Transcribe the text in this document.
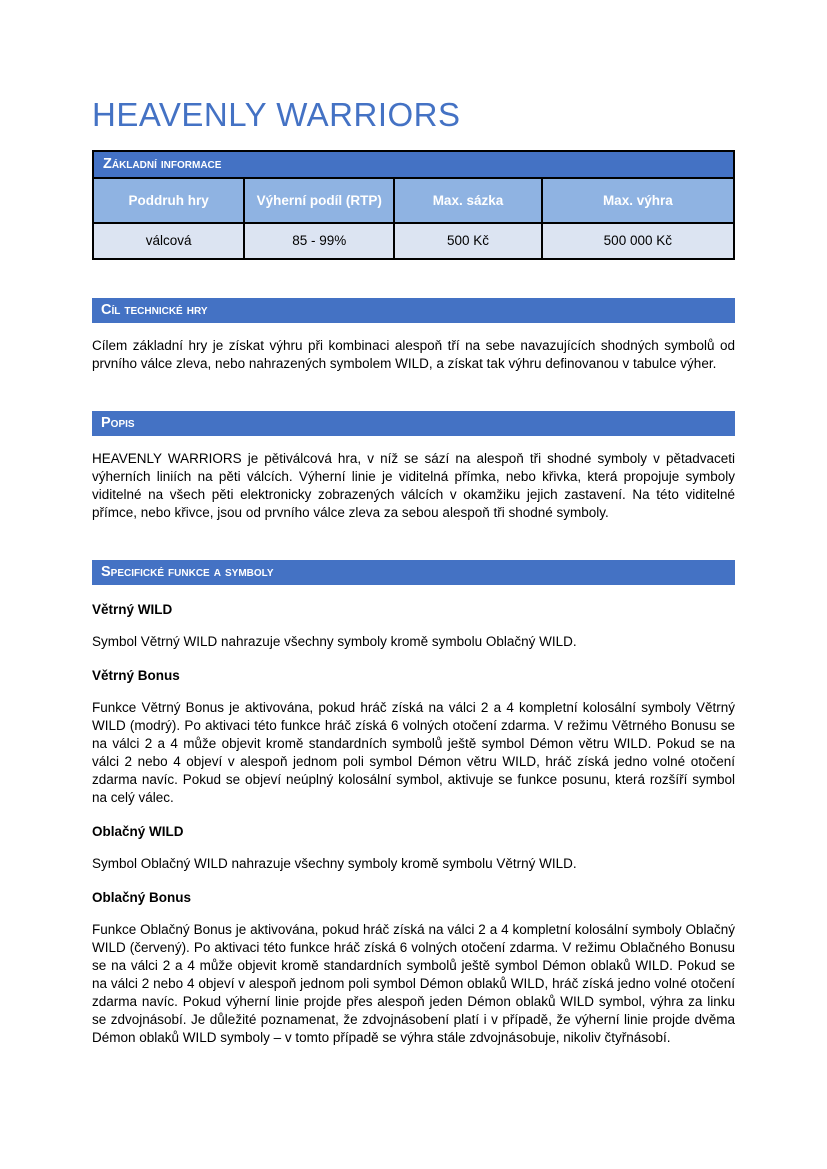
HEAVENLY WARRIORS
Základní informace			
Poddruh hry	Výherní podíl (RTP)	Max. sázka	Max. výhra
válcová	85 - 99%	500 Kč	500 000 Kč
Cíl technické hry

Cílem základní hry je získat výhru při kombinaci alespoň tří na sebe navazujících shodných symbolů od prvního válce zleva, nebo nahrazených symbolem WILD, a získat tak výhru definovanou v tabulce výher.

Popis

HEAVENLY WARRIORS je pětiválcová hra, v níž se sází na alespoň tři shodné symboly v pětadvaceti výherních liniích na pěti válcích. Výherní linie je viditelná přímka, nebo křivka, která propojuje symboly viditelné na všech pěti elektronicky zobrazených válcích v okamžiku jejich zastavení. Na této viditelné přímce, nebo křivce, jsou od prvního válce zleva za sebou alespoň tři shodné symboly.

Specifické funkce a symboly
Větrný WILD

Symbol Větrný WILD nahrazuje všechny symboly kromě symbolu Oblačný WILD.

Větrný Bonus

Funkce Větrný Bonus je aktivována, pokud hráč získá na válci 2 a 4 kompletní kolosální symboly Větrný WILD (modrý). Po aktivaci této funkce hráč získá 6 volných otočení zdarma. V režimu Větrného Bonusu se na válci 2 a 4 může objevit kromě standardních symbolů ještě symbol Démon větru WILD. Pokud se na válci 2 nebo 4 objeví v alespoň jednom poli symbol Démon větru WILD, hráč získá jedno volné otočení zdarma navíc. Pokud se objeví neúplný kolosální symbol, aktivuje se funkce posunu, která rozšíří symbol na celý válec.

Oblačný WILD

Symbol Oblačný WILD nahrazuje všechny symboly kromě symbolu Větrný WILD.

Oblačný Bonus

Funkce Oblačný Bonus je aktivována, pokud hráč získá na válci 2 a 4 kompletní kolosální symboly Oblačný WILD (červený). Po aktivaci této funkce hráč získá 6 volných otočení zdarma. V režimu Oblačného Bonusu se na válci 2 a 4 může objevit kromě standardních symbolů ještě symbol Démon oblaků WILD. Pokud se na válci 2 nebo 4 objeví v alespoň jednom poli symbol Démon oblaků WILD, hráč získá jedno volné otočení zdarma navíc. Pokud výherní linie projde přes alespoň jeden Démon oblaků WILD symbol, výhra za linku se zdvojnásobí. Je důležité poznamenat, že zdvojnásobení platí i v případě, že výherní linie projde dvěma Démon oblaků WILD symboly – v tomto případě se výhra stále zdvojnásobuje, nikoliv čtyřnásobí.
